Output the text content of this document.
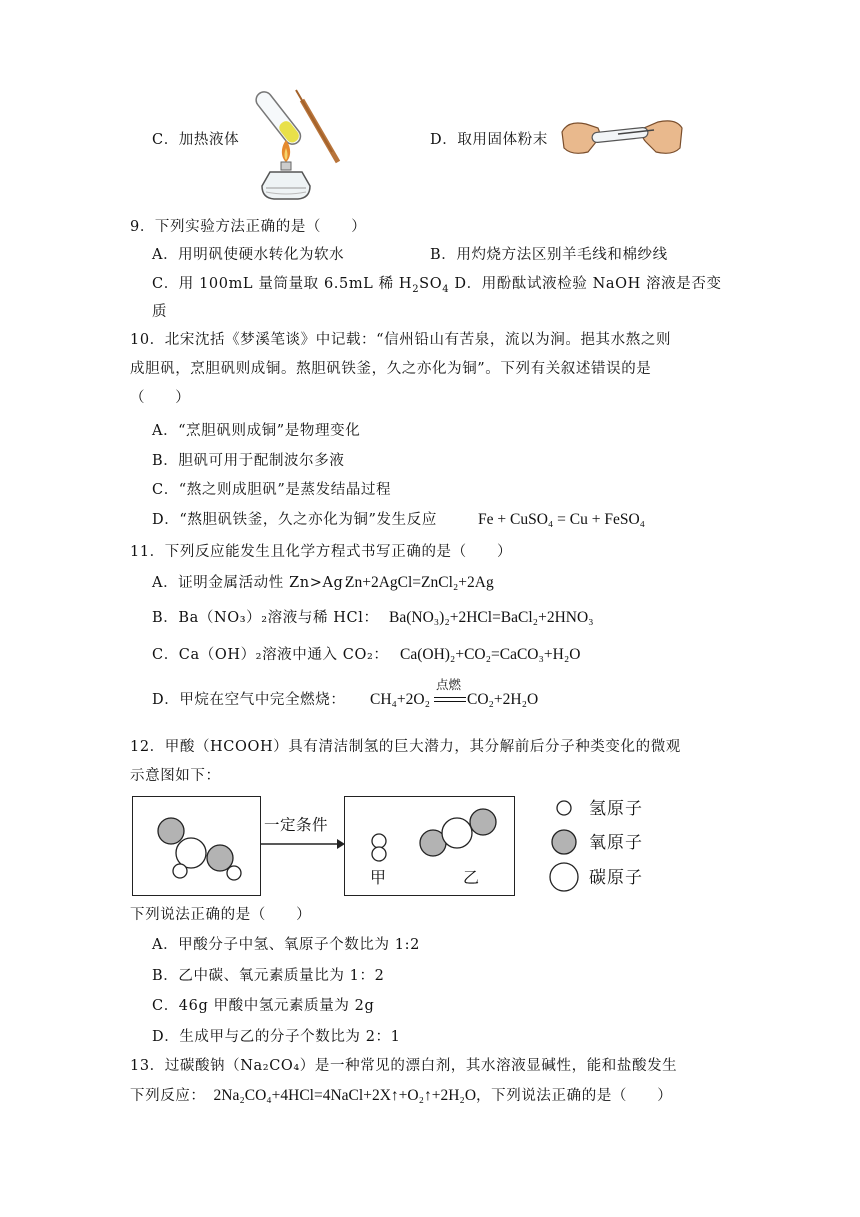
C．加热液体	D．取用固体粉末
9．下列实验方法正确的是（　　）
A．用明矾使硬水转化为软水	B．用灼烧方法区别羊毛线和棉纱线
C．用 100mL 量筒量取 6.5mL 稀 $H_2SO_4$ D．用酚酞试液检验 NaOH 溶液是否变
质
10．北宋沈括《梦溪笔谈》中记载：“信州铅山有苦泉，流以为涧。挹其水熬之则
成胆矾，烹胆矾则成铜。熬胆矾铁釜，久之亦化为铜”。下列有关叙述错误的是
（　　）
A．“烹胆矾则成铜”是物理变化
B．胆矾可用于配制波尔多液
C．“熬之则成胆矾”是蒸发结晶过程
D．“熬胆矾铁釜，久之亦化为铜”发生反应	Fe + CuSO₄ = Cu + FeSO₄
11．下列反应能发生且化学方程式书写正确的是（　　）
A．证明金属活动性 Zn>Ag：
Zn+2AgCl=ZnCl₂+2Ag
B．Ba（NO₃）₂溶液与稀 HCl： Ba(NO₃)₂+2HCl=BaCl₂+2HNO₃
C．Ca（OH）₂溶液中通入 CO₂： Ca(OH)₂+CO₂=CaCO₃+H₂O
D．甲烷在空气中完全燃烧： CH₄+2O₂
点燃
CO₂+2H₂O
12．甲酸（HCOOH）具有清洁制氢的巨大潜力，其分解前后分子种类变化的微观
示意图如下：
一定条件
甲	乙
氢原子
氧原子
碳原子
下列说法正确的是（　　）
A．甲酸分子中氢、氧原子个数比为 1:2
B．乙中碳、氧元素质量比为 1：2
C．46g 甲酸中氢元素质量为 2g
D．生成甲与乙的分子个数比为 2：1
13．过碳酸钠（Na₂CO₄）是一种常见的漂白剂，其水溶液显碱性，能和盐酸发生
下列反应： 2Na₂CO₄+4HCl=4NaCl+2X↑+O₂↑+2H₂O，下列说法正确的是（　　）
